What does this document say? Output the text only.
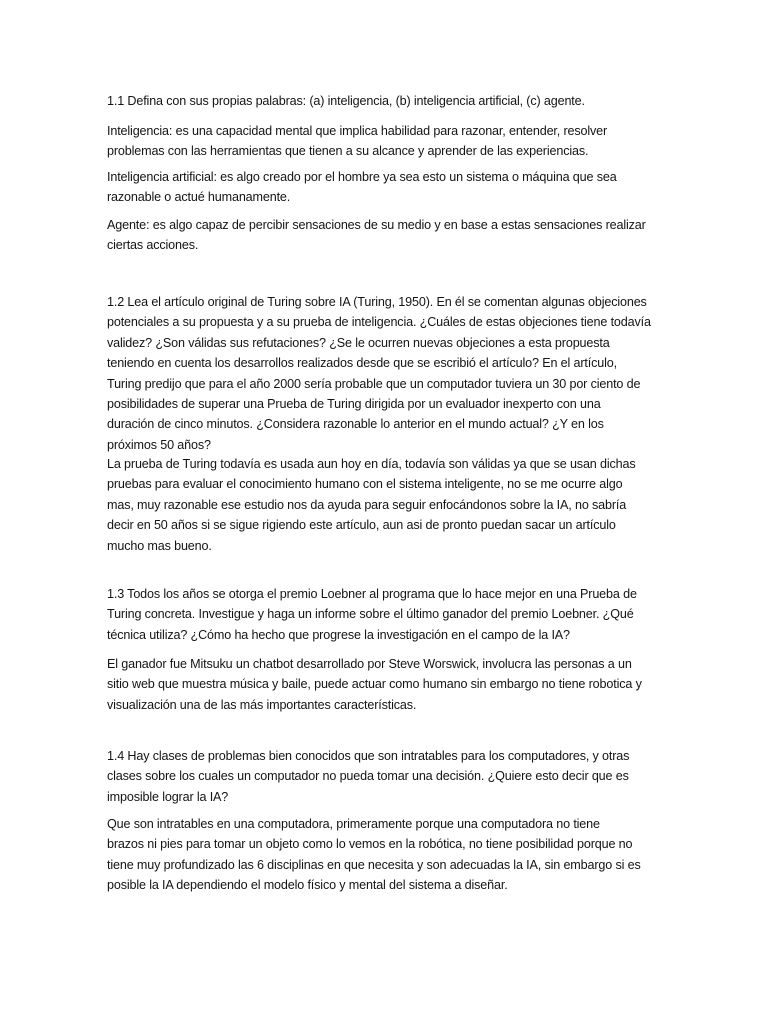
1.1 Defina con sus propias palabras: (a) inteligencia, (b) inteligencia artificial, (c) agente.

Inteligencia: es una capacidad mental que implica habilidad para razonar, entender, resolver
problemas con las herramientas que tienen a su alcance y aprender de las experiencias.

Inteligencia artificial: es algo creado por el hombre ya sea esto un sistema o máquina que sea
razonable o actué humanamente.

Agente: es algo capaz de percibir sensaciones de su medio y en base a estas sensaciones realizar
ciertas acciones.

1.2 Lea el artículo original de Turing sobre IA (Turing, 1950). En él se comentan algunas objeciones
potenciales a su propuesta y a su prueba de inteligencia. ¿Cuáles de estas objeciones tiene todavía
validez? ¿Son válidas sus refutaciones? ¿Se le ocurren nuevas objeciones a esta propuesta
teniendo en cuenta los desarrollos realizados desde que se escribió el artículo? En el artículo,
Turing predijo que para el año 2000 sería probable que un computador tuviera un 30 por ciento de
posibilidades de superar una Prueba de Turing dirigida por un evaluador inexperto con una
duración de cinco minutos. ¿Considera razonable lo anterior en el mundo actual? ¿Y en los
próximos 50 años?

La prueba de Turing todavía es usada aun hoy en día, todavía son válidas ya que se usan dichas
pruebas para evaluar el conocimiento humano con el sistema inteligente, no se me ocurre algo
mas, muy razonable ese estudio nos da ayuda para seguir enfocándonos sobre la IA, no sabría
decir en 50 años si se sigue rigiendo este artículo, aun asi de pronto puedan sacar un artículo
mucho mas bueno.

1.3 Todos los años se otorga el premio Loebner al programa que lo hace mejor en una Prueba de
Turing concreta. Investigue y haga un informe sobre el último ganador del premio Loebner. ¿Qué
técnica utiliza? ¿Cómo ha hecho que progrese la investigación en el campo de la IA?

El ganador fue Mitsuku un chatbot desarrollado por Steve Worswick, involucra las personas a un
sitio web que muestra música y baile, puede actuar como humano sin embargo no tiene robotica y
visualización una de las más importantes características.

1.4 Hay clases de problemas bien conocidos que son intratables para los computadores, y otras
clases sobre los cuales un computador no pueda tomar una decisión. ¿Quiere esto decir que es
imposible lograr la IA?

Que son intratables en una computadora, primeramente porque una computadora no tiene
brazos ni pies para tomar un objeto como lo vemos en la robótica, no tiene posibilidad porque no
tiene muy profundizado las 6 disciplinas en que necesita y son adecuadas la IA, sin embargo si es
posible la IA dependiendo el modelo físico y mental del sistema a diseñar.
